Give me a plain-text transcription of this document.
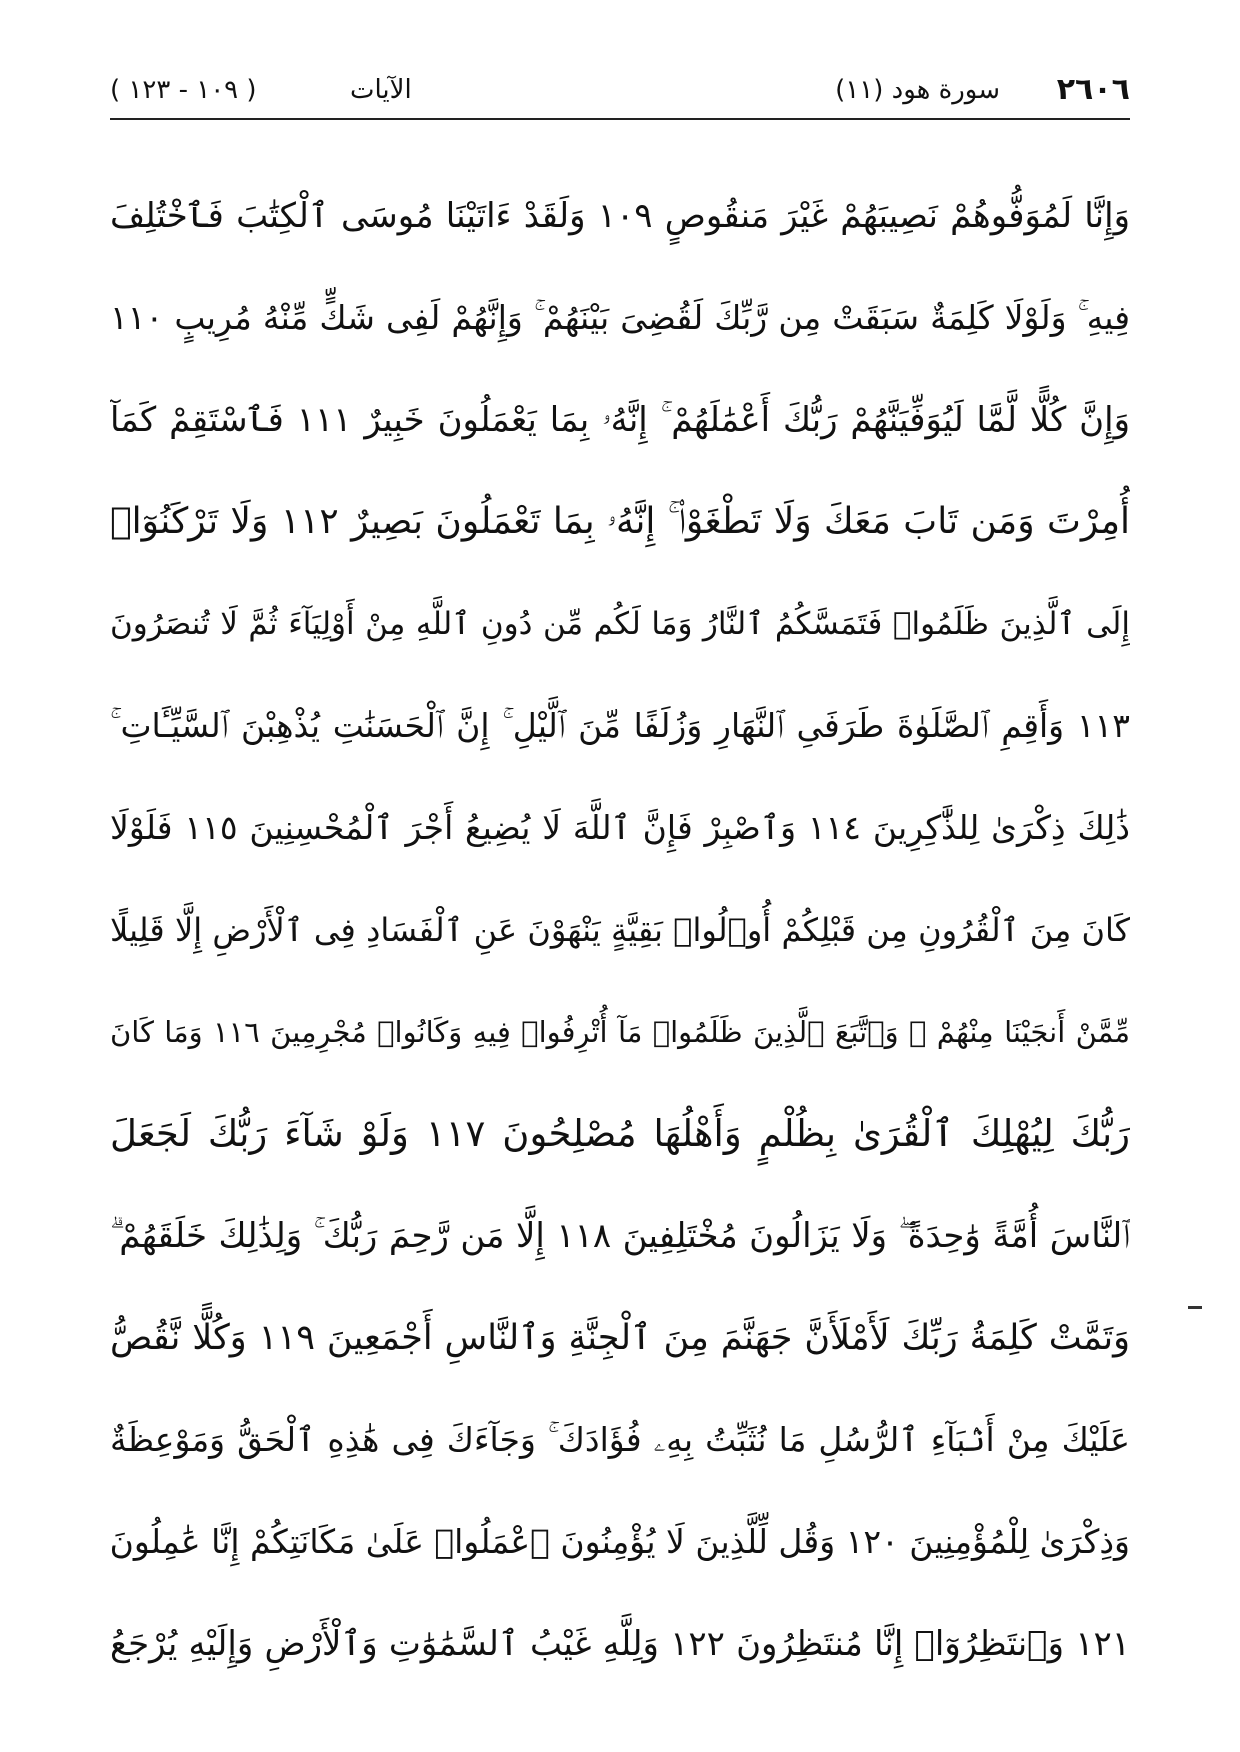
٢٦٠٦
(١١) سورة هود
الآيات
( ١٠٩ - ١٢٣ )
وَإِنَّا لَمُوَفُّوهُمْ نَصِيبَهُمْ غَيْرَ مَنقُوصٍ ١٠٩ وَلَقَدْ ءَاتَيْنَا مُوسَى ٱلْكِتَٰبَ فَٱخْتُلِفَ
فِيهِ ۚ وَلَوْلَا كَلِمَةٌ سَبَقَتْ مِن رَّبِّكَ لَقُضِىَ بَيْنَهُمْ ۚ وَإِنَّهُمْ لَفِى شَكٍّ مِّنْهُ مُرِيبٍ ١١٠
وَإِنَّ كُلًّا لَّمَّا لَيُوَفِّيَنَّهُمْ رَبُّكَ أَعْمَٰلَهُمْ ۚ إِنَّهُۥ بِمَا يَعْمَلُونَ خَبِيرٌ ١١١ فَٱسْتَقِمْ كَمَآ
أُمِرْتَ وَمَن تَابَ مَعَكَ وَلَا تَطْغَوْا۟ ۚ إِنَّهُۥ بِمَا تَعْمَلُونَ بَصِيرٌ ١١٢ وَلَا تَرْكَنُوٓا۟
إِلَى ٱلَّذِينَ ظَلَمُوا۟ فَتَمَسَّكُمُ ٱلنَّارُ وَمَا لَكُم مِّن دُونِ ٱللَّهِ مِنْ أَوْلِيَآءَ ثُمَّ لَا تُنصَرُونَ
١١٣ وَأَقِمِ ٱلصَّلَوٰةَ طَرَفَىِ ٱلنَّهَارِ وَزُلَفًا مِّنَ ٱلَّيْلِ ۚ إِنَّ ٱلْحَسَنَٰتِ يُذْهِبْنَ ٱلسَّيِّـَٔاتِ ۚ
ذَٰلِكَ ذِكْرَىٰ لِلذَّٰكِرِينَ ١١٤ وَٱصْبِرْ فَإِنَّ ٱللَّهَ لَا يُضِيعُ أَجْرَ ٱلْمُحْسِنِينَ ١١٥ فَلَوْلَا
كَانَ مِنَ ٱلْقُرُونِ مِن قَبْلِكُمْ أُو۟لُوا۟ بَقِيَّةٍ يَنْهَوْنَ عَنِ ٱلْفَسَادِ فِى ٱلْأَرْضِ إِلَّا قَلِيلًا
مِّمَّنْ أَنجَيْنَا مِنْهُمْ ۗ وَٱتَّبَعَ ٱلَّذِينَ ظَلَمُوا۟ مَآ أُتْرِفُوا۟ فِيهِ وَكَانُوا۟ مُجْرِمِينَ ١١٦ وَمَا كَانَ
رَبُّكَ لِيُهْلِكَ ٱلْقُرَىٰ بِظُلْمٍ وَأَهْلُهَا مُصْلِحُونَ ١١٧ وَلَوْ شَآءَ رَبُّكَ لَجَعَلَ
ٱلنَّاسَ أُمَّةً وَٰحِدَةً ۖ وَلَا يَزَالُونَ مُخْتَلِفِينَ ١١٨ إِلَّا مَن رَّحِمَ رَبُّكَ ۚ وَلِذَٰلِكَ خَلَقَهُمْ ۗ
وَتَمَّتْ كَلِمَةُ رَبِّكَ لَأَمْلَأَنَّ جَهَنَّمَ مِنَ ٱلْجِنَّةِ وَٱلنَّاسِ أَجْمَعِينَ ١١٩ وَكُلًّا نَّقُصُّ
عَلَيْكَ مِنْ أَنۢبَآءِ ٱلرُّسُلِ مَا نُثَبِّتُ بِهِۦ فُؤَادَكَ ۚ وَجَآءَكَ فِى هَٰذِهِ ٱلْحَقُّ وَمَوْعِظَةٌ
وَذِكْرَىٰ لِلْمُؤْمِنِينَ ١٢٠ وَقُل لِّلَّذِينَ لَا يُؤْمِنُونَ ٱعْمَلُوا۟ عَلَىٰ مَكَانَتِكُمْ إِنَّا عَٰمِلُونَ
١٢١ وَٱنتَظِرُوٓا۟ إِنَّا مُنتَظِرُونَ ١٢٢ وَلِلَّهِ غَيْبُ ٱلسَّمَٰوَٰتِ وَٱلْأَرْضِ وَإِلَيْهِ يُرْجَعُ
